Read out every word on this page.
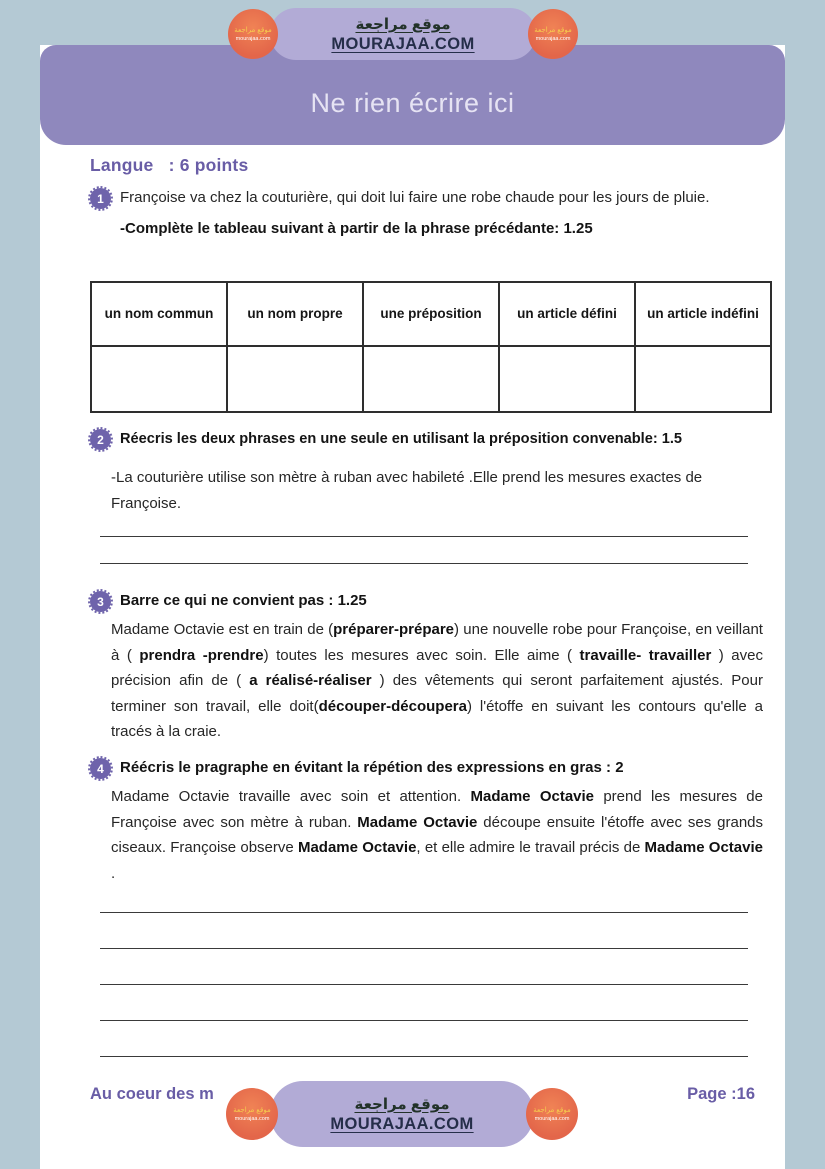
Ne rien écrire ici
Langue   : 6 points
1	Françoise va chez la couturière, qui doit lui faire une robe chaude pour les jours de pluie.
-Complète le tableau suivant à partir de la phrase précédante: 1.25
un nom commun	un nom propre	une préposition	un article défini	un article indéfini

2	Réecris les deux phrases en une seule en utilisant la préposition convenable: 1.5
-La couturière utilise son mètre à ruban avec habileté .Elle prend les mesures exactes de Françoise.
3	Barre ce qui ne convient pas : 1.25
Madame Octavie est en train de (préparer-prépare) une nouvelle robe pour Françoise, en veillant à ( prendra -prendre) toutes les mesures avec soin. Elle aime ( travaille- travailler ) avec précision afin de ( a réalisé-réaliser ) des vêtements qui seront parfaitement ajustés. Pour terminer son travail, elle doit(découper-découpera) l'étoffe en suivant les contours qu'elle a tracés à la craie.
4	Réécris le pragraphe en évitant la répétion des expressions en gras : 2
Madame Octavie travaille avec soin et attention. Madame Octavie prend les mesures de Françoise avec son mètre à ruban. Madame Octavie découpe ensuite l'étoffe avec ses grands ciseaux. Françoise observe Madame Octavie, et elle admire le travail précis de Madame Octavie .
Au coeur des m	Page :16
موقع مراجعة
mourajaa.com
موقع مراجعة
MOURAJAA.COM
موقع مراجعة
mourajaa.com
موقع مراجعة
mourajaa.com
موقع مراجعة
MOURAJAA.COM
موقع مراجعة
mourajaa.com
